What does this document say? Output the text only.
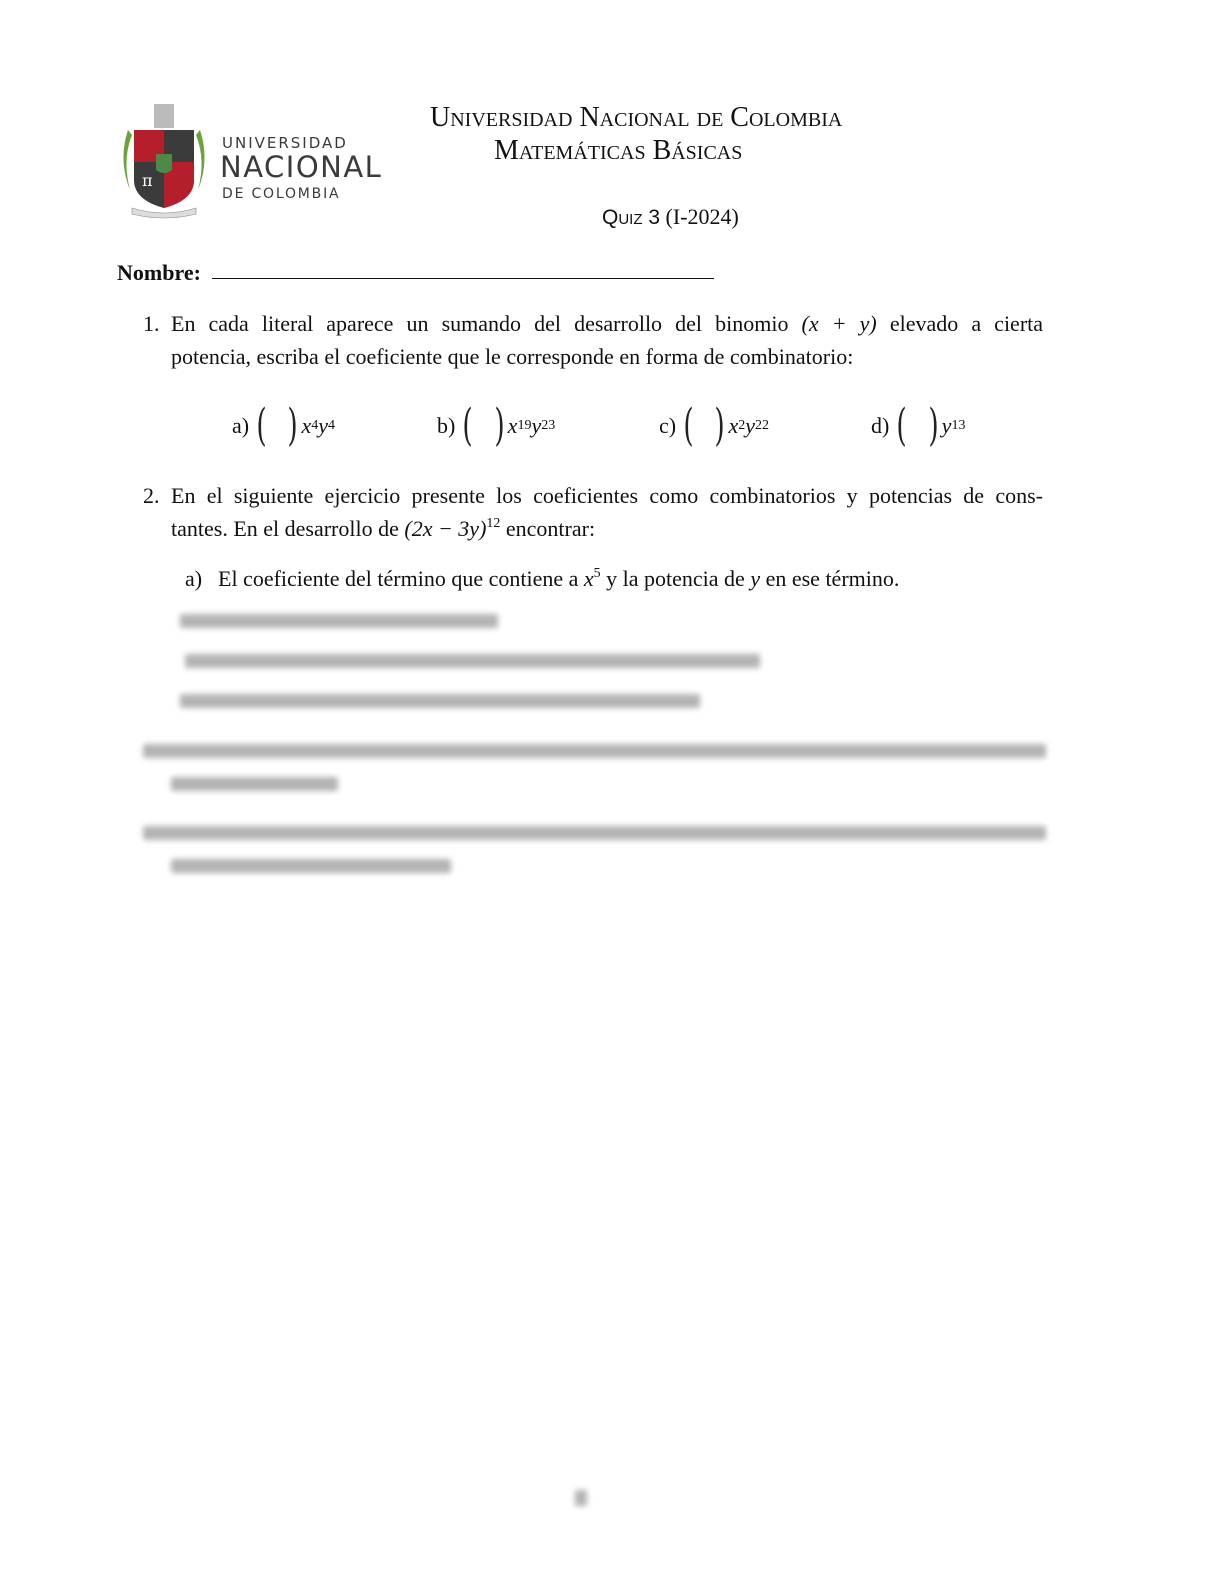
π
UNIVERSIDAD
NACIONAL
DE COLOMBIA
Universidad Nacional de Colombia
Matemáticas Básicas
Quiz 3 (I-2024)
Nombre:
1. En cada literal aparece un sumando del desarrollo del binomio (x + y) elevado a cierta
potencia, escriba el coeficiente que le corresponde en forma de combinatorio:
a) ( ) x 4 y 4	b) ( ) x 19 y 23	c) ( ) x 2 y 22	d) ( ) y 13
2. En el siguiente ejercicio presente los coeficientes como combinatorios y potencias de cons-
tantes. En el desarrollo de $(2x - 3y)^{12}$ encontrar:
a) El coeficiente del término que contiene a $x^5$ y la potencia de y en ese término.
